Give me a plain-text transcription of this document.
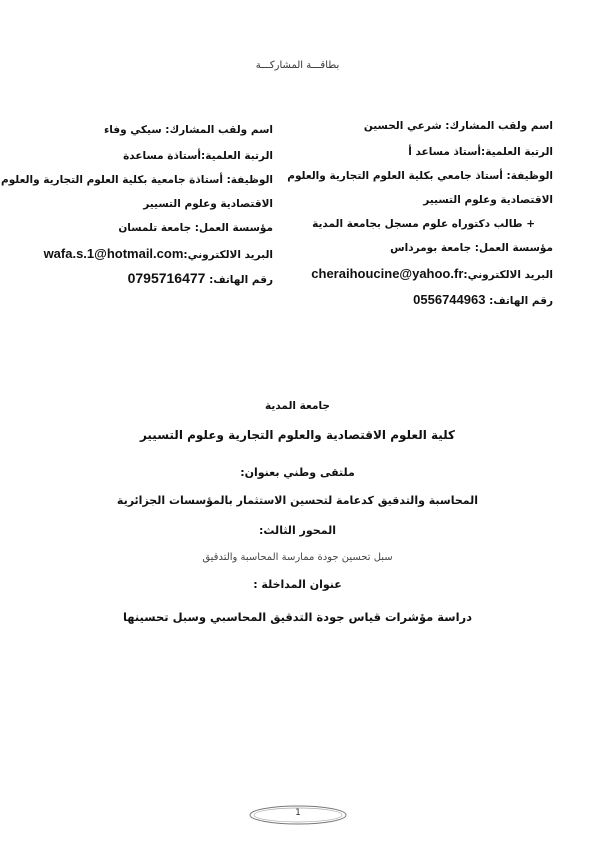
بطاقـــة المشاركـــة
اسم ولقب المشارك: شرعي الحسين
الرتبة العلمية:أستاذ مساعد أ
الوظيفة: أستاذ جامعي بكلية العلوم التجارية والعلوم
الاقتصادية وعلوم التسيير
+ طالب دكتوراه علوم مسجل بجامعة المدية
مؤسسة العمل: جامعة بومرداس
البريد الالكتروني:cheraihoucine@yahoo.fr
رقم الهاتف: 0556744963
اسم ولقب المشارك: سيكي وفاء
الرتبة العلمية:أستاذة مساعدة
الوظيفة: أستاذة جامعية بكلية العلوم التجارية والعلوم
الاقتصادية وعلوم التسيير
مؤسسة العمل: جامعة تلمسان
البريد الالكتروني:wafa.s.1@hotmail.com
رقم الهاتف: 0795716477
جامعة المدية
كلية العلوم الاقتصادية والعلوم التجارية وعلوم التسيير
ملتقى وطني بعنوان:
المحاسبة والتدقيق كدعامة لتحسين الاستثمار بالمؤسسات الجزائرية
المحور الثالث:
سبل تحسين جودة ممارسة المحاسبة والتدقيق
عنوان المداخلة :
دراسة مؤشرات قياس جودة التدقيق المحاسبي وسبل تحسينها
1
